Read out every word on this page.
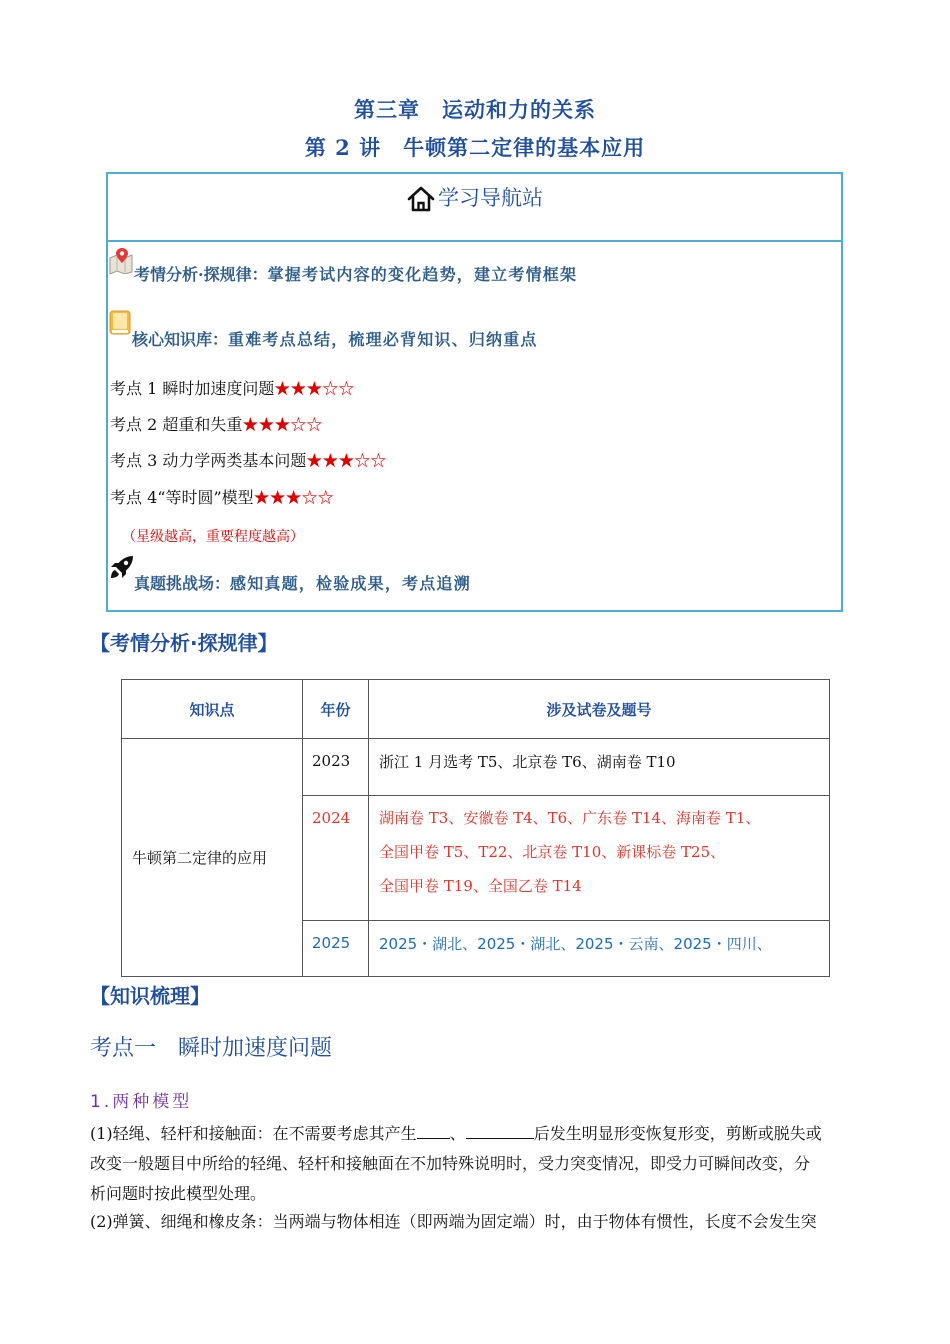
第三章　运动和力的关系
第 2 讲　牛顿第二定律的基本应用
学习导航站
考情分析·探规律：掌握考试内容的变化趋势，建立考情框架
核心知识库：重难考点总结，梳理必背知识、归纳重点
考点 1 瞬时加速度问题★★★☆☆
考点 2 超重和失重★★★☆☆
考点 3 动力学两类基本问题★★★☆☆
考点 4“等时圆”模型★★★☆☆
（星级越高，重要程度越高）
真题挑战场：感知真题，检验成果，考点追溯
【考情分析·探规律】
知识点	年份	涉及试卷及题号
牛顿第二定律的应用	2023	浙江 1 月选考 T5、北京卷 T6、湖南卷 T10
	2024	湖南卷 T3、安徽卷 T4、T6、广东卷 T14、海南卷 T1、
全国甲卷 T5、T22、北京卷 T10、新课标卷 T25、
全国甲卷 T19、全国乙卷 T14

	2025	2025・湖北、2025・湖北、2025・云南、2025・四川、
【知识梳理】
考点一 瞬时加速度问题
1.两种模型
(1)轻绳、轻杆和接触面：在不需要考虑其产生 、	后发生明显形变恢复形变，剪断或脱失或
改变一般题目中所给的轻绳、轻杆和接触面在不加特殊说明时，受力突变情况，即受力可瞬间改变，分
析问题时按此模型处理。
(2)弹簧、细绳和橡皮条：当两端与物体相连（即两端为固定端）时，由于物体有惯性，长度不会发生突
